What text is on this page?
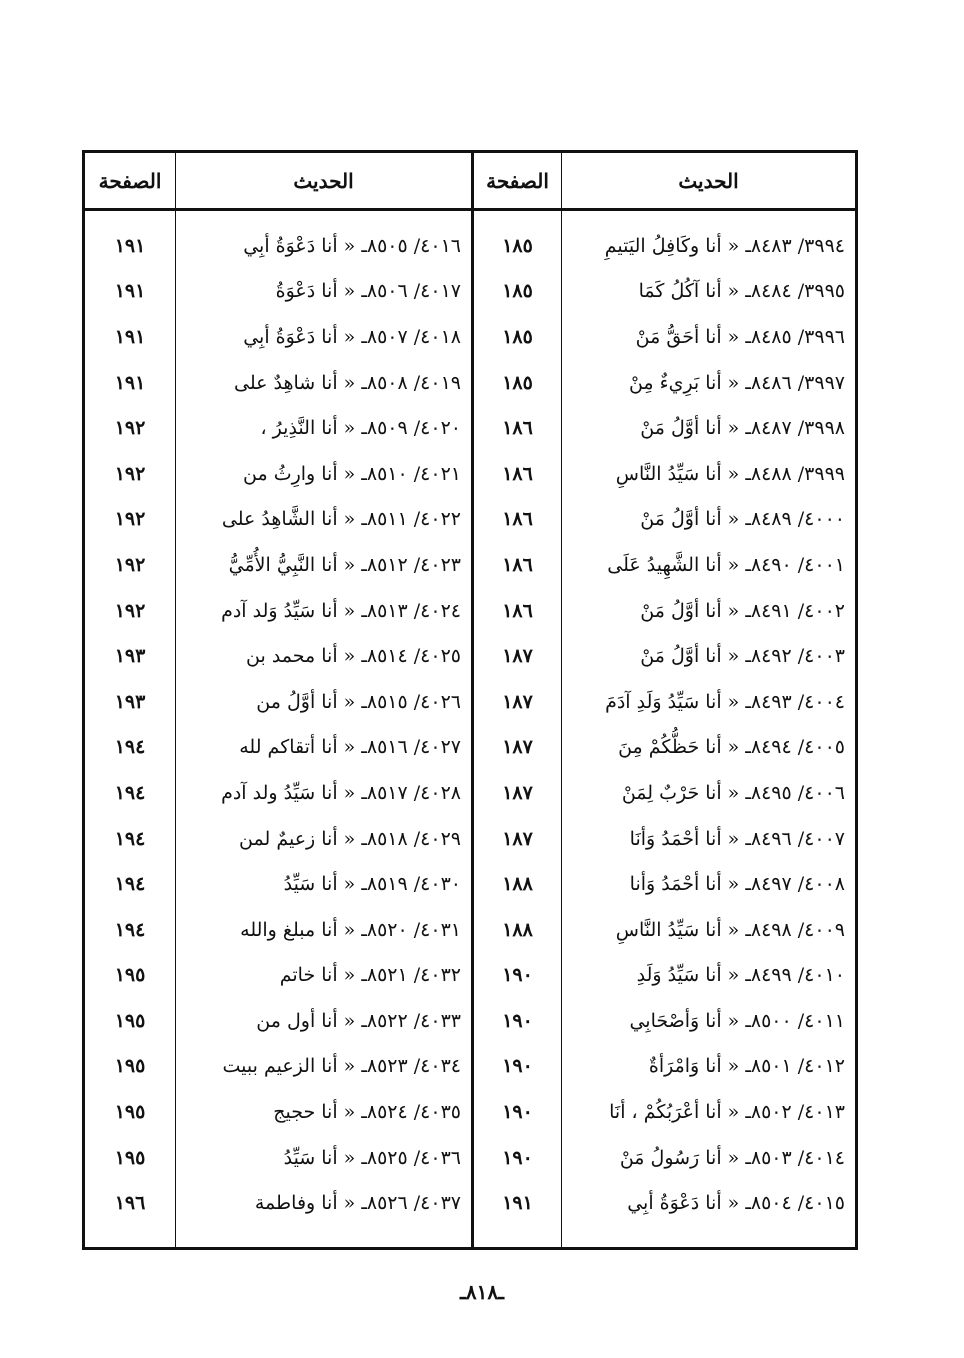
الحديث
٣٩٩٤/ ٨٤٨٣ـ « أنا وكَافِلُ اليَتيمِ
٣٩٩٥/ ٨٤٨٤ـ « أنا آكُلُ كَمَا
٣٩٩٦/ ٨٤٨٥ـ « أنا أحَقُّ مَنْ
٣٩٩٧/ ٨٤٨٦ـ « أنا بَرِيءٌ مِنْ
٣٩٩٨/ ٨٤٨٧ـ « أنا أوَّلُ مَنْ
٣٩٩٩/ ٨٤٨٨ـ « أنا سَيِّدُ النَّاسِ
٤٠٠٠/ ٨٤٨٩ـ « أنا أوَّلُ مَنْ
٤٠٠١/ ٨٤٩٠ـ « أنا الشَّهِيدُ عَلَى
٤٠٠٢/ ٨٤٩١ـ « أنا أوَّلُ مَنْ
٤٠٠٣/ ٨٤٩٢ـ « أنا أوَّلُ مَنْ
٤٠٠٤/ ٨٤٩٣ـ « أنا سَيِّدُ وَلَدِ آدَمَ
٤٠٠٥/ ٨٤٩٤ـ « أنا حَظُّكُمْ مِنَ
٤٠٠٦/ ٨٤٩٥ـ « أنا حَرْبٌ لِمَنْ
٤٠٠٧/ ٨٤٩٦ـ « أنا أحْمَدُ وَأنَا
٤٠٠٨/ ٨٤٩٧ـ « أنا أحْمَدُ وَأنا
٤٠٠٩/ ٨٤٩٨ـ « أنا سَيِّدُ النَّاسِ
٤٠١٠/ ٨٤٩٩ـ « أنا سَيِّدُ وَلَدِ
٤٠١١/ ٨٥٠٠ـ « أنا وَأصْحَابِي
٤٠١٢/ ٨٥٠١ـ « أنا وَامْرَأةٌ
٤٠١٣/ ٨٥٠٢ـ « أنا أعْرَبُكُمْ ، أنَا
٤٠١٤/ ٨٥٠٣ـ « أنا رَسُولُ مَنْ
٤٠١٥/ ٨٥٠٤ـ « أنا دَعْوَةُ أبِي
الصفحة
١٨٥
١٨٥
١٨٥
١٨٥
١٨٦
١٨٦
١٨٦
١٨٦
١٨٦
١٨٧
١٨٧
١٨٧
١٨٧
١٨٧
١٨٨
١٨٨
١٩٠
١٩٠
١٩٠
١٩٠
١٩٠
١٩١
الحديث
٤٠١٦/ ٨٥٠٥ـ « أنا دَعْوَةُ أبِي
٤٠١٧/ ٨٥٠٦ـ « أنا دَعْوَةُ
٤٠١٨/ ٨٥٠٧ـ « أنا دَعْوَةُ أبِي
٤٠١٩/ ٨٥٠٨ـ « أنا شاهِدٌ على
٤٠٢٠/ ٨٥٠٩ـ « أنا النَّذِيرُ ،
٤٠٢١/ ٨٥١٠ـ « أنا وارِثُ من
٤٠٢٢/ ٨٥١١ـ « أنا الشَّاهِدُ على
٤٠٢٣/ ٨٥١٢ـ « أنا النَّبِيُّ الأُمِّيُّ
٤٠٢٤/ ٨٥١٣ـ « أنا سَيِّدُ وَلد آدم
٤٠٢٥/ ٨٥١٤ـ « أنا محمد بن
٤٠٢٦/ ٨٥١٥ـ « أنا أوَّلُ من
٤٠٢٧/ ٨٥١٦ـ « أنا أتقاكم لله
٤٠٢٨/ ٨٥١٧ـ « أنا سَيِّدُ ولد آدم
٤٠٢٩/ ٨٥١٨ـ « أنا زعيمٌ لمن
٤٠٣٠/ ٨٥١٩ـ « أنا سَيِّدُ
٤٠٣١/ ٨٥٢٠ـ « أنا مبلغ والله
٤٠٣٢/ ٨٥٢١ـ « أنا خاتم
٤٠٣٣/ ٨٥٢٢ـ « أنا أول من
٤٠٣٤/ ٨٥٢٣ـ « أنا الزعيم ببيت
٤٠٣٥/ ٨٥٢٤ـ « أنا حجيج
٤٠٣٦/ ٨٥٢٥ـ « أنا سَيِّدُ
٤٠٣٧/ ٨٥٢٦ـ « أنا وفاطمة
الصفحة
١٩١
١٩١
١٩١
١٩١
١٩٢
١٩٢
١٩٢
١٩٢
١٩٢
١٩٣
١٩٣
١٩٤
١٩٤
١٩٤
١٩٤
١٩٤
١٩٥
١٩٥
١٩٥
١٩٥
١٩٥
١٩٦
ـ٨١٨ـ
